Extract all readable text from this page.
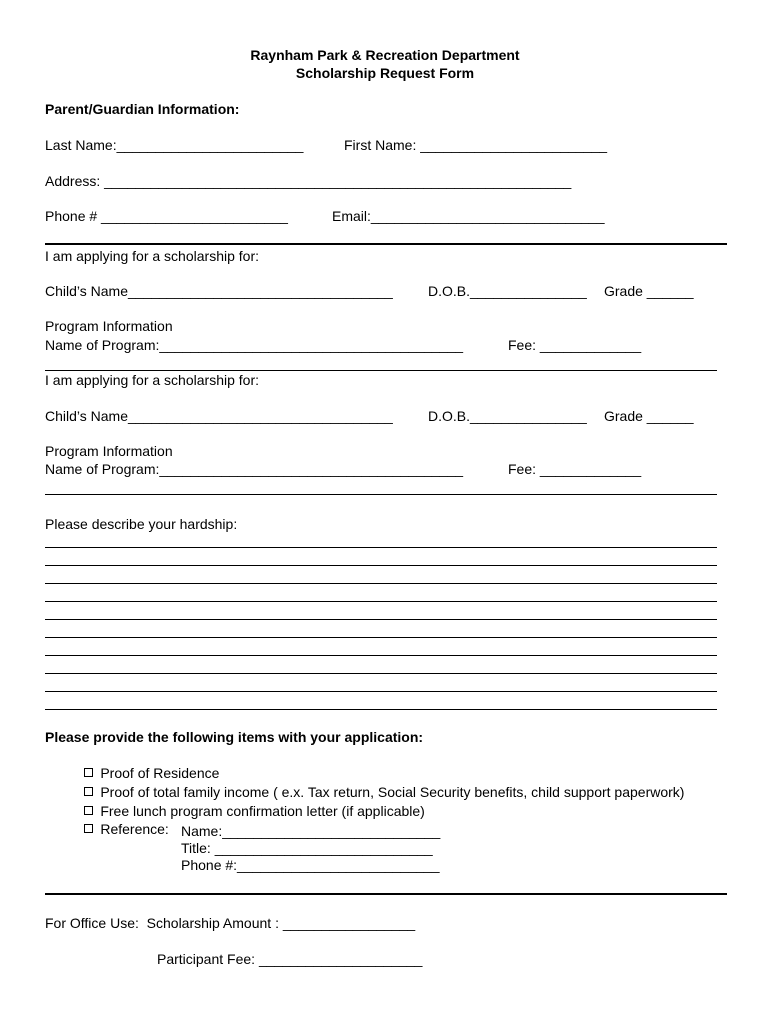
Raynham Park & Recreation Department
Scholarship Request Form
Parent/Guardian Information:
Last Name:________________________	First Name: ________________________
Address: ____________________________________________________________
Phone # ________________________	Email:______________________________
I am applying for a scholarship for:
Child’s Name__________________________________	D.O.B._______________ Grade ______
Program Information
Name of Program:_______________________________________	Fee: _____________
I am applying for a scholarship for:
Child’s Name__________________________________	D.O.B._______________ Grade ______
Program Information
Name of Program:_______________________________________	Fee: _____________
Please describe your hardship:
Please provide the following items with your application:

Proof of Residence

Proof of total family income ( e.x. Tax return, Social Security benefits, child support paperwork)

Free lunch program confirmation letter (if applicable)

Reference:
Name:____________________________
Title: ____________________________
Phone #:__________________________
For Office Use:  Scholarship Amount : _________________
Participant Fee: _____________________
